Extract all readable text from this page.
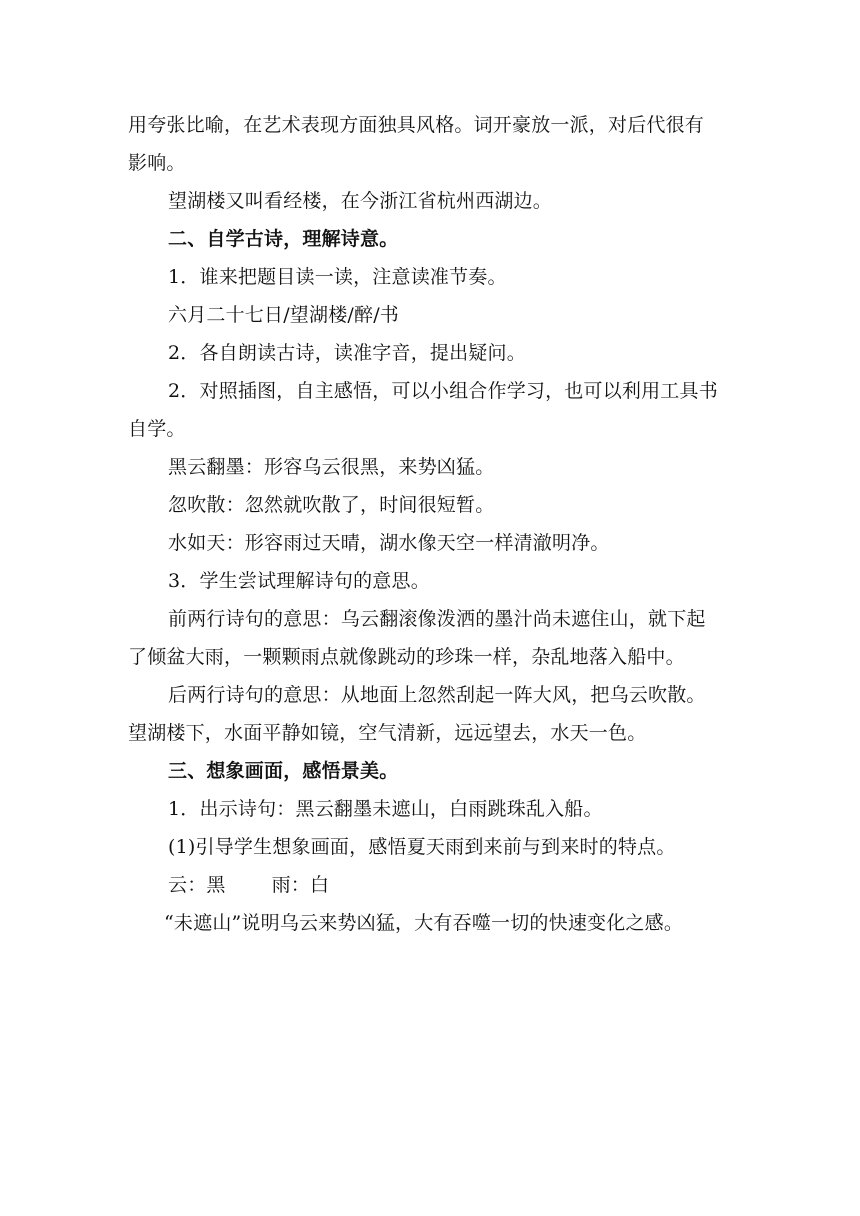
用夸张比喻，在艺术表现方面独具风格。词开豪放一派，对后代很有
影响。
望湖楼又叫看经楼，在今浙江省杭州西湖边。
二、自学古诗，理解诗意。
1．谁来把题目读一读，注意读准节奏。
六月二十七日/望湖楼/醉/书
2．各自朗读古诗，读准字音，提出疑问。
2．对照插图，自主感悟，可以小组合作学习，也可以利用工具书
自学。
黑云翻墨：形容乌云很黑，来势凶猛。
忽吹散：忽然就吹散了，时间很短暂。
水如天：形容雨过天晴，湖水像天空一样清澈明净。
3．学生尝试理解诗句的意思。
前两行诗句的意思：乌云翻滚像泼洒的墨汁尚未遮住山，就下起
了倾盆大雨，一颗颗雨点就像跳动的珍珠一样，杂乱地落入船中。
后两行诗句的意思：从地面上忽然刮起一阵大风，把乌云吹散。
望湖楼下，水面平静如镜，空气清新，远远望去，水天一色。
三、想象画面，感悟景美。
1．出示诗句：黑云翻墨未遮山，白雨跳珠乱入船。
(1)引导学生想象画面，感悟夏天雨到来前与到来时的特点。
云：黑 雨：白
“未遮山”说明乌云来势凶猛，大有吞噬一切的快速变化之感。
